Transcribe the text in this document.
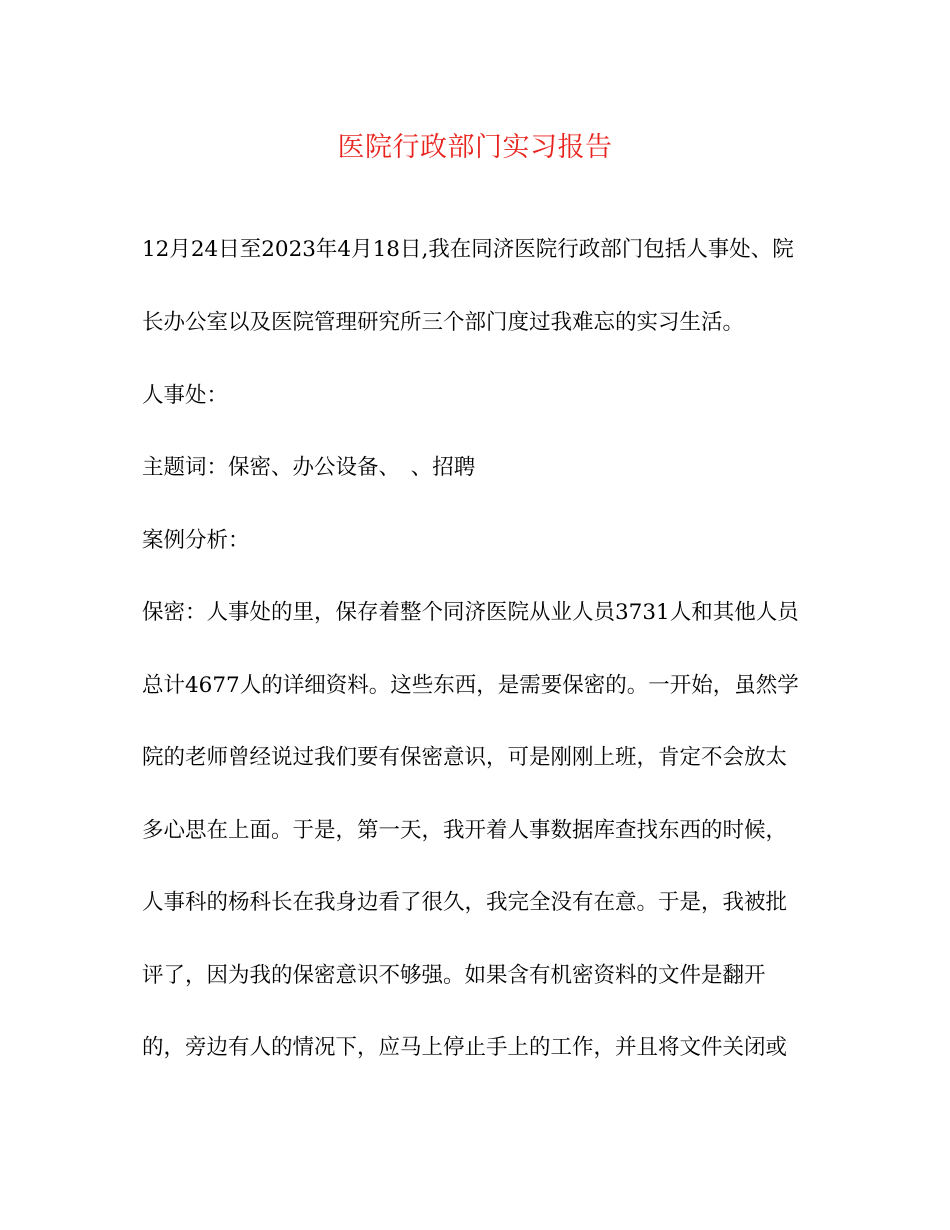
医院行政部门实习报告
12月24日至2023年4月18日,我在同济医院行政部门包括人事处、院
长办公室以及医院管理研究所三个部门度过我难忘的实习生活。
人事处：
主题词：保密、办公设备、　、招聘
案例分析：
保密：人事处的里，保存着整个同济医院从业人员3731人和其他人员
总计4677人的详细资料。这些东西，是需要保密的。一开始，虽然学
院的老师曾经说过我们要有保密意识，可是刚刚上班，肯定不会放太
多心思在上面。于是，第一天，我开着人事数据库查找东西的时候，
人事科的杨科长在我身边看了很久，我完全没有在意。于是，我被批
评了，因为我的保密意识不够强。如果含有机密资料的文件是翻开
的，旁边有人的情况下，应马上停止手上的工作，并且将文件关闭或
